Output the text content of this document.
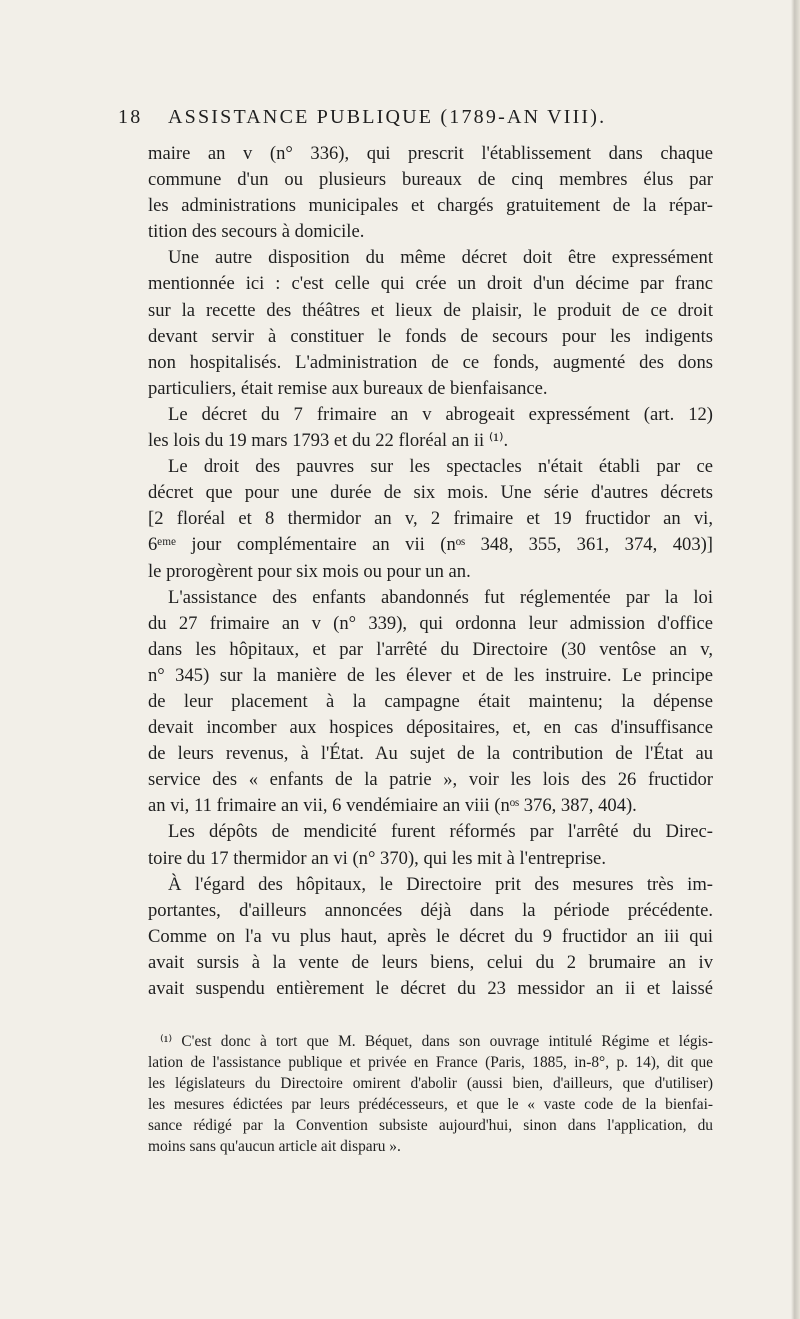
18 ASSISTANCE PUBLIQUE (1789-AN VIII).
maire an v (n° 336), qui prescrit l'établissement dans chaque
commune d'un ou plusieurs bureaux de cinq membres élus par
les administrations municipales et chargés gratuitement de la répar-
tition des secours à domicile.
Une autre disposition du même décret doit être expressément
mentionnée ici : c'est celle qui crée un droit d'un décime par franc
sur la recette des théâtres et lieux de plaisir, le produit de ce droit
devant servir à constituer le fonds de secours pour les indigents
non hospitalisés. L'administration de ce fonds, augmenté des dons
particuliers, était remise aux bureaux de bienfaisance.
Le décret du 7 frimaire an v abrogeait expressément (art. 12)
les lois du 19 mars 1793 et du 22 floréal an ii ⁽¹⁾.
Le droit des pauvres sur les spectacles n'était établi par ce
décret que pour une durée de six mois. Une série d'autres décrets
[2 floréal et 8 thermidor an v, 2 frimaire et 19 fructidor an vi,
6ᵉᵐᵉ jour complémentaire an vii (nᵒˢ 348, 355, 361, 374, 403)]
le prorogèrent pour six mois ou pour un an.
L'assistance des enfants abandonnés fut réglementée par la loi
du 27 frimaire an v (n° 339), qui ordonna leur admission d'office
dans les hôpitaux, et par l'arrêté du Directoire (30 ventôse an v,
n° 345) sur la manière de les élever et de les instruire. Le principe
de leur placement à la campagne était maintenu; la dépense
devait incomber aux hospices dépositaires, et, en cas d'insuffisance
de leurs revenus, à l'État. Au sujet de la contribution de l'État au
service des « enfants de la patrie », voir les lois des 26 fructidor
an vi, 11 frimaire an vii, 6 vendémiaire an viii (nᵒˢ 376, 387, 404).
Les dépôts de mendicité furent réformés par l'arrêté du Direc-
toire du 17 thermidor an vi (n° 370), qui les mit à l'entreprise.
À l'égard des hôpitaux, le Directoire prit des mesures très im-
portantes, d'ailleurs annoncées déjà dans la période précédente.
Comme on l'a vu plus haut, après le décret du 9 fructidor an iii qui
avait sursis à la vente de leurs biens, celui du 2 brumaire an iv
avait suspendu entièrement le décret du 23 messidor an ii et laissé
⁽¹⁾ C'est donc à tort que M. Béquet, dans son ouvrage intitulé Régime et légis-
lation de l'assistance publique et privée en France (Paris, 1885, in-8°, p. 14), dit que
les législateurs du Directoire omirent d'abolir (aussi bien, d'ailleurs, que d'utiliser)
les mesures édictées par leurs prédécesseurs, et que le « vaste code de la bienfai-
sance rédigé par la Convention subsiste aujourd'hui, sinon dans l'application, du
moins sans qu'aucun article ait disparu ».
